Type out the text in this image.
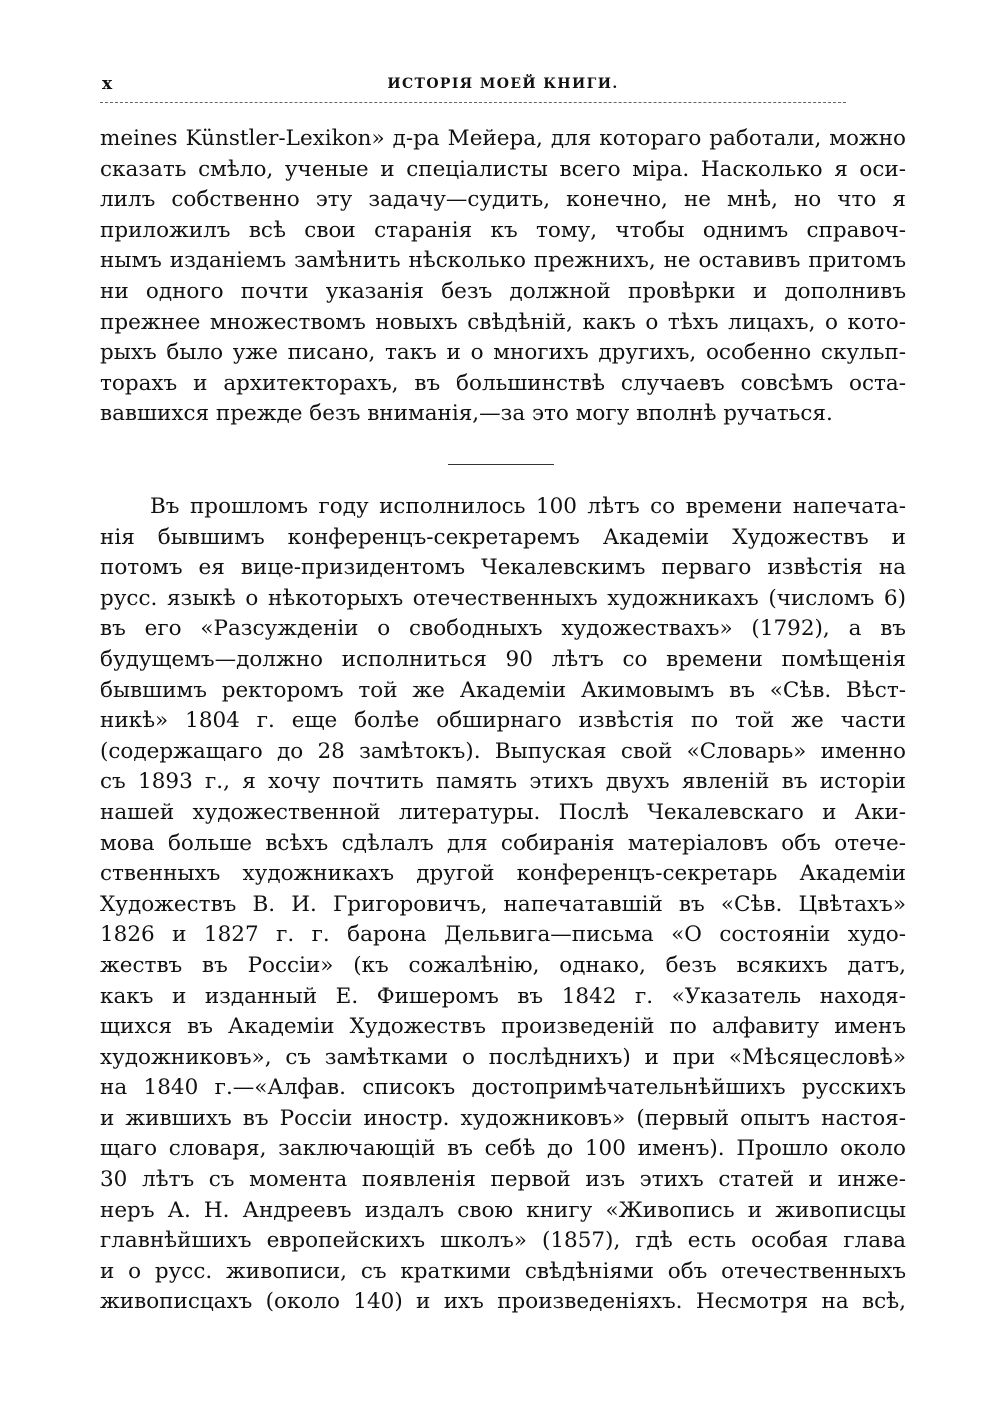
x	ИСТОРІЯ МОЕЙ КНИГИ.
meines Künstler-Lexikon» д-ра Мейера, для котораго работали, можно
сказать смѣло, ученые и спеціалисты всего міра. Насколько я оси-
лилъ собственно эту задачу—судить, конечно, не мнѣ, но что я
приложилъ всѣ свои старанія къ тому, чтобы однимъ справоч-
нымъ изданіемъ замѣнить нѣсколько прежнихъ, не оставивъ притомъ
ни одного почти указанія безъ должной провѣрки и дополнивъ
прежнее множествомъ новыхъ свѣдѣній, какъ о тѣхъ лицахъ, о кото-
рыхъ было уже писано, такъ и о многихъ другихъ, особенно скульп-
торахъ и архитекторахъ, въ большинствѣ случаевъ совсѣмъ оста-
вавшихся прежде безъ вниманія,—за это могу вполнѣ ручаться.
Въ прошломъ году исполнилось 100 лѣтъ со времени напечата-
нія бывшимъ конференцъ-секретаремъ Академіи Художествъ и
потомъ ея вице-призидентомъ Чекалевскимъ перваго извѣстія на
русс. языкѣ о нѣкоторыхъ отечественныхъ художникахъ (числомъ 6)
въ его «Разсужденіи о свободныхъ художествахъ» (1792), а въ
будущемъ—должно исполниться 90 лѣтъ со времени помѣщенія
бывшимъ ректоромъ той же Академіи Акимовымъ въ «Сѣв. Вѣст-
никѣ» 1804 г. еще болѣе обширнаго извѣстія по той же части
(содержащаго до 28 замѣтокъ). Выпуская свой «Словарь» именно
съ 1893 г., я хочу почтить память этихъ двухъ явленій въ исторіи
нашей художественной литературы. Послѣ Чекалевскаго и Аки-
мова больше всѣхъ сдѣлалъ для собиранія матеріаловъ объ отече-
ственныхъ художникахъ другой конференцъ-секретарь Академіи
Художествъ В. И. Григоровичъ, напечатавшій въ «Сѣв. Цвѣтахъ»
1826 и 1827 г. г. барона Дельвига—письма «О состояніи худо-
жествъ въ Россіи» (къ сожалѣнію, однако, безъ всякихъ датъ,
какъ и изданный Е. Фишеромъ въ 1842 г. «Указатель находя-
щихся въ Академіи Художествъ произведеній по алфавиту именъ
художниковъ», съ замѣтками о послѣднихъ) и при «Мѣсяцесловѣ»
на 1840 г.—«Алфав. списокъ достопримѣчательнѣйшихъ русскихъ
и жившихъ въ Россіи иностр. художниковъ» (первый опытъ настоя-
щаго словаря, заключающій въ себѣ до 100 именъ). Прошло около
30 лѣтъ съ момента появленія первой изъ этихъ статей и инже-
неръ А. Н. Андреевъ издалъ свою книгу «Живопись и живописцы
главнѣйшихъ европейскихъ школъ» (1857), гдѣ есть особая глава
и о русс. живописи, съ краткими свѣдѣніями объ отечественныхъ
живописцахъ (около 140) и ихъ произведеніяхъ. Несмотря на всѣ,
